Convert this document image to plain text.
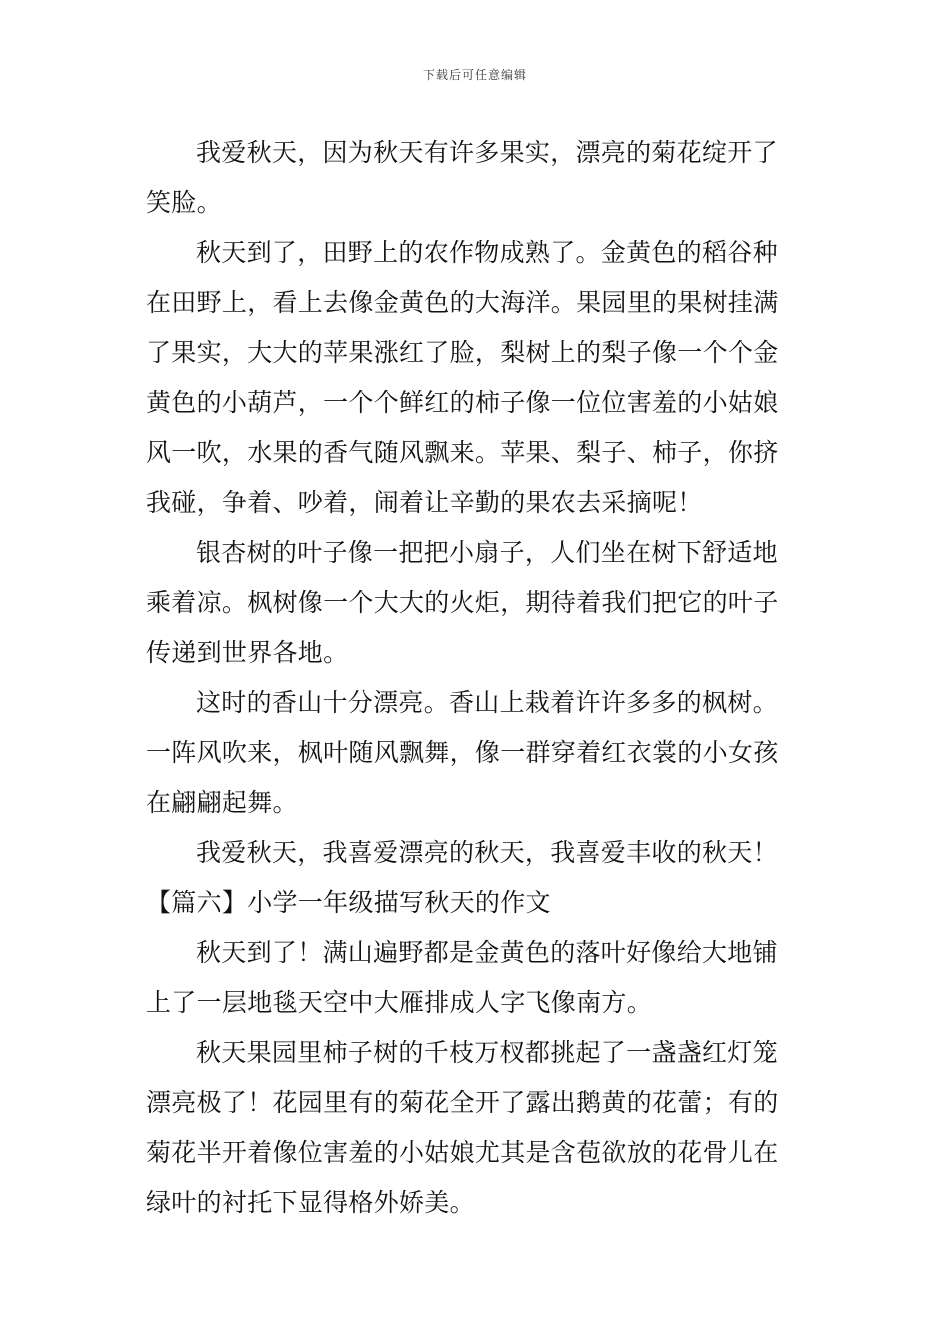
下载后可任意编辑
我爱秋天，因为秋天有许多果实，漂亮的菊花绽开了
笑脸。
秋天到了，田野上的农作物成熟了。金黄色的稻谷种
在田野上，看上去像金黄色的大海洋。果园里的果树挂满
了果实，大大的苹果涨红了脸，梨树上的梨子像一个个金
黄色的小葫芦，一个个鲜红的柿子像一位位害羞的小姑娘
风一吹，水果的香气随风飘来。苹果、梨子、柿子，你挤
我碰，争着、吵着，闹着让辛勤的果农去采摘呢！
银杏树的叶子像一把把小扇子，人们坐在树下舒适地
乘着凉。枫树像一个大大的火炬，期待着我们把它的叶子
传递到世界各地。
这时的香山十分漂亮。香山上栽着许许多多的枫树。
一阵风吹来，枫叶随风飘舞，像一群穿着红衣裳的小女孩
在翩翩起舞。
我爱秋天，我喜爱漂亮的秋天，我喜爱丰收的秋天！
【篇六】小学一年级描写秋天的作文
秋天到了！满山遍野都是金黄色的落叶好像给大地铺
上了一层地毯天空中大雁排成人字飞像南方。
秋天果园里柿子树的千枝万杈都挑起了一盏盏红灯笼
漂亮极了！花园里有的菊花全开了露出鹅黄的花蕾；有的
菊花半开着像位害羞的小姑娘尤其是含苞欲放的花骨儿在
绿叶的衬托下显得格外娇美。
